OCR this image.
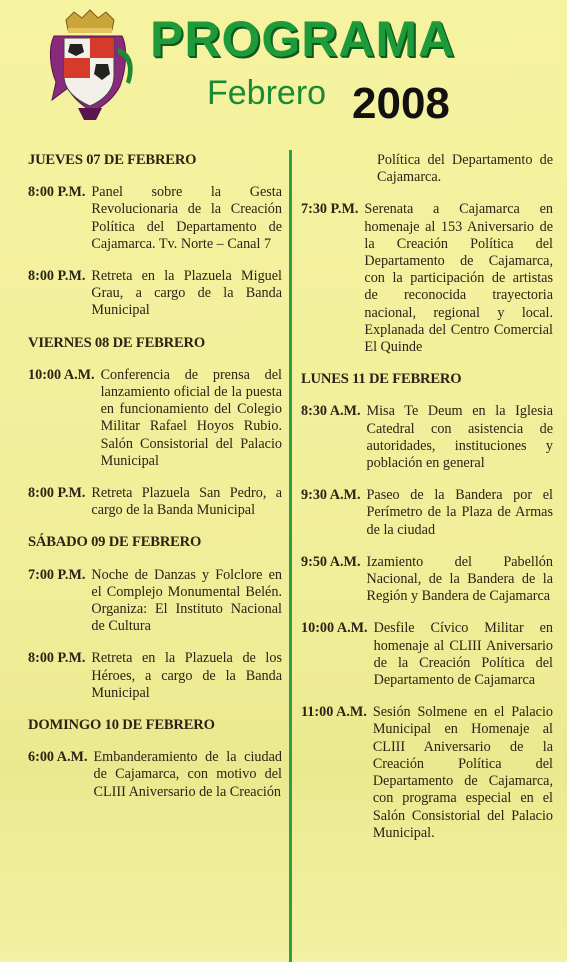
PROGRAMA
Febrero 2008
JUEVES 07 DE FEBRERO
8:00 P.M. Panel sobre la Gesta Revolucionaria de la Creación Política del Departamento de Cajamarca. Tv. Norte – Canal 7
8:00 P.M. Retreta en la Plazuela Miguel Grau, a cargo de la Banda Municipal
VIERNES 08 DE FEBRERO
10:00 A.M. Conferencia de prensa del lanzamiento oficial de la puesta en funcionamiento del Colegio Militar Rafael Hoyos Rubio. Salón Consistorial del Palacio Municipal
8:00 P.M. Retreta Plazuela San Pedro, a cargo de la Banda Municipal
SÁBADO 09 DE FEBRERO
7:00 P.M. Noche de Danzas y Folclore en el Complejo Monumental Belén. Organiza: El Instituto Nacional de Cultura
8:00 P.M. Retreta en la Plazuela de los Héroes, a cargo de la Banda Municipal
DOMINGO 10 DE FEBRERO
6:00 A.M. Embanderamiento de la ciudad de Cajamarca, con motivo del CLIII Aniversario de la Creación
Política del Departamento de Cajamarca.
7:30 P.M. Serenata a Cajamarca en homenaje al 153 Aniversario de la Creación Política del Departamento de Cajamarca, con la participación de artistas de reconocida trayectoria nacional, regional y local. Explanada del Centro Comercial El Quinde
LUNES 11 DE FEBRERO
8:30 A.M. Misa Te Deum en la Iglesia Catedral con asistencia de autoridades, instituciones y población en general
9:30 A.M. Paseo de la Bandera por el Perímetro de la Plaza de Armas de la ciudad
9:50 A.M. Izamiento del Pabellón Nacional, de la Bandera de la Región y Bandera de Cajamarca
10:00 A.M. Desfile Cívico Militar en homenaje al CLIII Aniversario de la Creación Política del Departamento de Cajamarca
11:00 A.M. Sesión Solmene en el Palacio Municipal en Homenaje al CLIII Aniversario de la Creación Política del Departamento de Cajamarca, con programa especial en el Salón Consistorial del Palacio Municipal.
